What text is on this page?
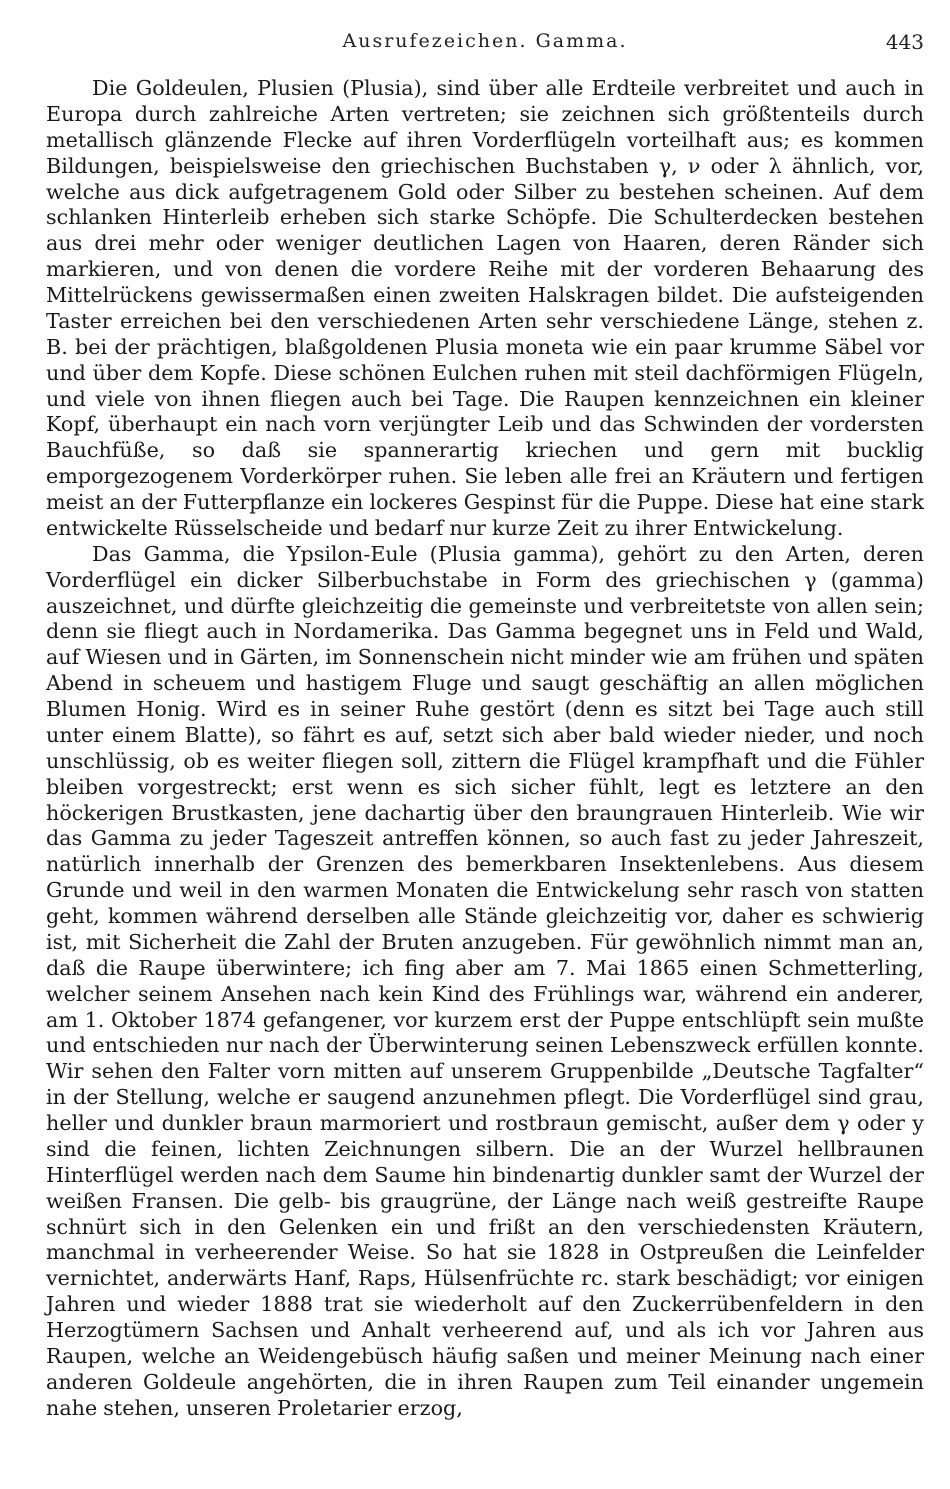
Ausrufezeichen. Gamma.	443

Die Goldeulen, Plusien (Plusia), sind über alle Erdteile verbreitet und auch in Europa durch zahlreiche Arten vertreten; sie zeichnen sich größtenteils durch metallisch glänzende Flecke auf ihren Vorderflügeln vorteilhaft aus; es kommen Bildungen, beispielsweise den griechischen Buchstaben γ, ν oder λ ähnlich, vor, welche aus dick aufgetragenem Gold oder Silber zu bestehen scheinen. Auf dem schlanken Hinterleib erheben sich starke Schöpfe. Die Schulterdecken bestehen aus drei mehr oder weniger deutlichen Lagen von Haaren, deren Ränder sich markieren, und von denen die vordere Reihe mit der vorderen Behaarung des Mittelrückens gewissermaßen einen zweiten Halskragen bildet. Die aufsteigenden Taster erreichen bei den verschiedenen Arten sehr verschiedene Länge, stehen z. B. bei der prächtigen, blaßgoldenen Plusia moneta wie ein paar krumme Säbel vor und über dem Kopfe. Diese schönen Eulchen ruhen mit steil dachförmigen Flügeln, und viele von ihnen fliegen auch bei Tage. Die Raupen kennzeichnen ein kleiner Kopf, überhaupt ein nach vorn verjüngter Leib und das Schwinden der vordersten Bauchfüße, so daß sie spannerartig kriechen und gern mit bucklig emporgezogenem Vorderkörper ruhen. Sie leben alle frei an Kräutern und fertigen meist an der Futterpflanze ein lockeres Gespinst für die Puppe. Diese hat eine stark entwickelte Rüsselscheide und bedarf nur kurze Zeit zu ihrer Entwickelung.

Das Gamma, die Ypsilon-Eule (Plusia gamma), gehört zu den Arten, deren Vorderflügel ein dicker Silberbuchstabe in Form des griechischen γ (gamma) auszeichnet, und dürfte gleichzeitig die gemeinste und verbreitetste von allen sein; denn sie fliegt auch in Nordamerika. Das Gamma begegnet uns in Feld und Wald, auf Wiesen und in Gärten, im Sonnenschein nicht minder wie am frühen und späten Abend in scheuem und hastigem Fluge und saugt geschäftig an allen möglichen Blumen Honig. Wird es in seiner Ruhe gestört (denn es sitzt bei Tage auch still unter einem Blatte), so fährt es auf, setzt sich aber bald wieder nieder, und noch unschlüssig, ob es weiter fliegen soll, zittern die Flügel krampfhaft und die Fühler bleiben vorgestreckt; erst wenn es sich sicher fühlt, legt es letztere an den höckerigen Brustkasten, jene dachartig über den braungrauen Hinterleib. Wie wir das Gamma zu jeder Tageszeit antreffen können, so auch fast zu jeder Jahreszeit, natürlich innerhalb der Grenzen des bemerkbaren Insektenlebens. Aus diesem Grunde und weil in den warmen Monaten die Entwickelung sehr rasch von statten geht, kommen während derselben alle Stände gleichzeitig vor, daher es schwierig ist, mit Sicherheit die Zahl der Bruten anzugeben. Für gewöhnlich nimmt man an, daß die Raupe überwintere; ich fing aber am 7. Mai 1865 einen Schmetterling, welcher seinem Ansehen nach kein Kind des Frühlings war, während ein anderer, am 1. Oktober 1874 gefangener, vor kurzem erst der Puppe entschlüpft sein mußte und entschieden nur nach der Überwinterung seinen Lebenszweck erfüllen konnte. Wir sehen den Falter vorn mitten auf unserem Gruppenbilde „Deutsche Tagfalter“ in der Stellung, welche er saugend anzunehmen pflegt. Die Vorderflügel sind grau, heller und dunkler braun marmoriert und rostbraun gemischt, außer dem γ oder y sind die feinen, lichten Zeichnungen silbern. Die an der Wurzel hellbraunen Hinterflügel werden nach dem Saume hin bindenartig dunkler samt der Wurzel der weißen Fransen. Die gelb- bis graugrüne, der Länge nach weiß gestreifte Raupe schnürt sich in den Gelenken ein und frißt an den verschiedensten Kräutern, manchmal in verheerender Weise. So hat sie 1828 in Ostpreußen die Leinfelder vernichtet, anderwärts Hanf, Raps, Hülsenfrüchte rc. stark beschädigt; vor einigen Jahren und wieder 1888 trat sie wiederholt auf den Zuckerrübenfeldern in den Herzogtümern Sachsen und Anhalt verheerend auf, und als ich vor Jahren aus Raupen, welche an Weidengebüsch häufig saßen und meiner Meinung nach einer anderen Goldeule angehörten, die in ihren Raupen zum Teil einander ungemein nahe stehen, unseren Proletarier erzog,
